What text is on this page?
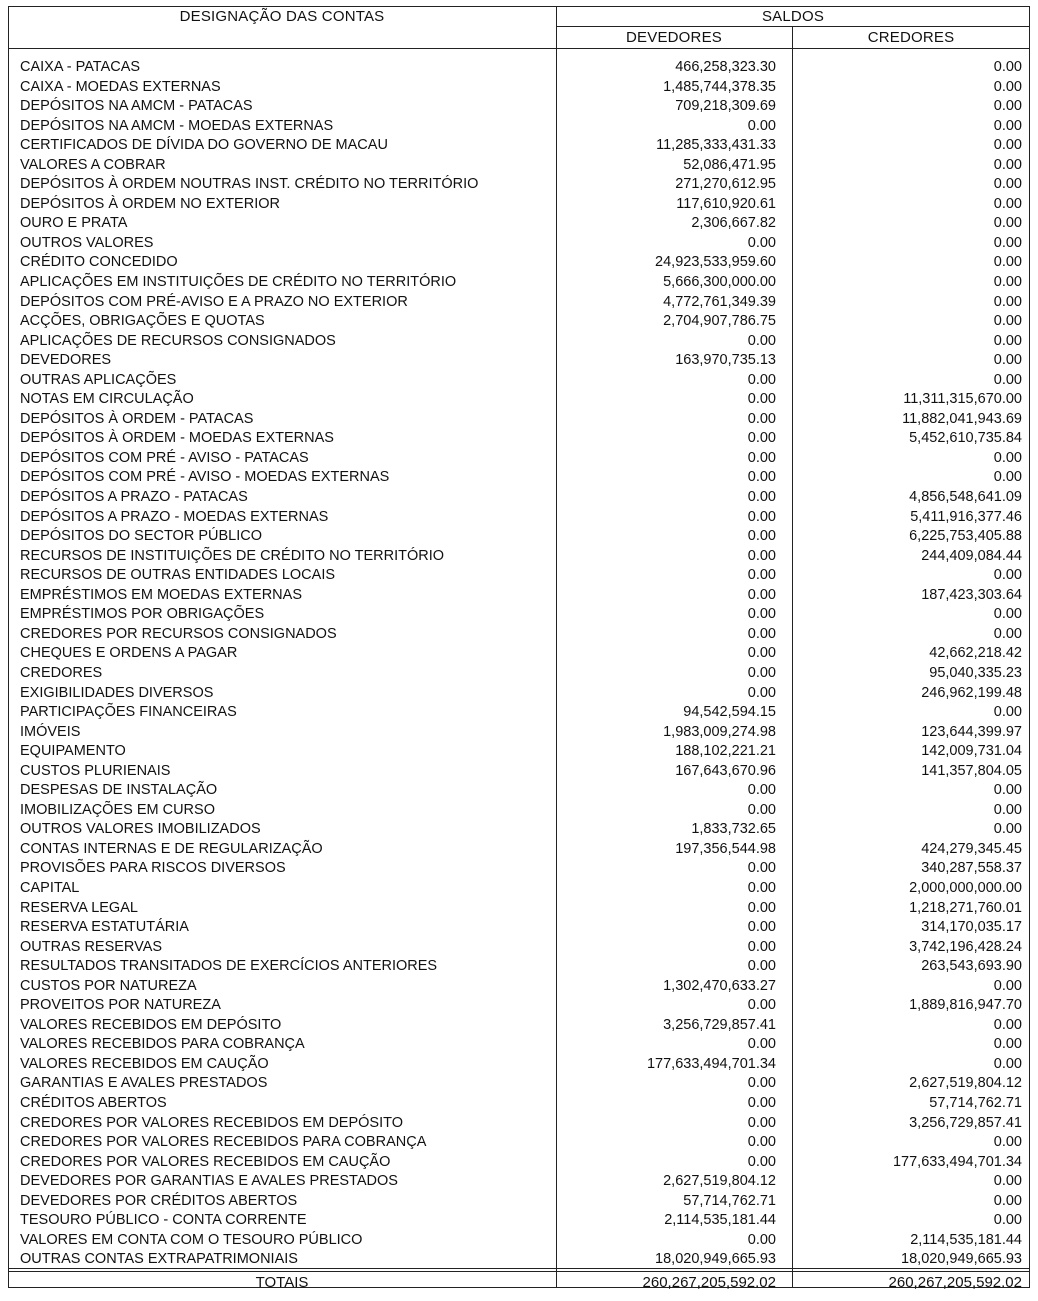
DESIGNAÇÃO DAS CONTAS	SALDOS
DEVEDORES	CREDORES
CAIXA - PATACAS	466,258,323.30	0.00
CAIXA - MOEDAS EXTERNAS	1,485,744,378.35	0.00
DEPÓSITOS NA AMCM - PATACAS	709,218,309.69	0.00
DEPÓSITOS NA AMCM - MOEDAS EXTERNAS	0.00	0.00
CERTIFICADOS DE DÍVIDA DO GOVERNO DE MACAU	11,285,333,431.33	0.00
VALORES A COBRAR	52,086,471.95	0.00
DEPÓSITOS À ORDEM NOUTRAS INST. CRÉDITO NO TERRITÓRIO	271,270,612.95	0.00
DEPÓSITOS À ORDEM NO EXTERIOR	117,610,920.61	0.00
OURO E PRATA	2,306,667.82	0.00
OUTROS VALORES	0.00	0.00
CRÉDITO CONCEDIDO	24,923,533,959.60	0.00
APLICAÇÕES EM INSTITUIÇÕES DE CRÉDITO NO TERRITÓRIO	5,666,300,000.00	0.00
DEPÓSITOS COM PRÉ-AVISO E A PRAZO NO EXTERIOR	4,772,761,349.39	0.00
ACÇÕES, OBRIGAÇÕES E QUOTAS	2,704,907,786.75	0.00
APLICAÇÕES DE RECURSOS CONSIGNADOS	0.00	0.00
DEVEDORES	163,970,735.13	0.00
OUTRAS APLICAÇÕES	0.00	0.00
NOTAS EM CIRCULAÇÃO	0.00	11,311,315,670.00
DEPÓSITOS À ORDEM - PATACAS	0.00	11,882,041,943.69
DEPÓSITOS À ORDEM - MOEDAS EXTERNAS	0.00	5,452,610,735.84
DEPÓSITOS COM PRÉ - AVISO - PATACAS	0.00	0.00
DEPÓSITOS COM PRÉ - AVISO - MOEDAS EXTERNAS	0.00	0.00
DEPÓSITOS A PRAZO - PATACAS	0.00	4,856,548,641.09
DEPÓSITOS A PRAZO - MOEDAS EXTERNAS	0.00	5,411,916,377.46
DEPÓSITOS DO SECTOR PÚBLICO	0.00	6,225,753,405.88
RECURSOS DE INSTITUIÇÕES DE CRÉDITO NO TERRITÓRIO	0.00	244,409,084.44
RECURSOS DE OUTRAS ENTIDADES LOCAIS	0.00	0.00
EMPRÉSTIMOS EM MOEDAS EXTERNAS	0.00	187,423,303.64
EMPRÉSTIMOS POR OBRIGAÇÕES	0.00	0.00
CREDORES POR RECURSOS CONSIGNADOS	0.00	0.00
CHEQUES E ORDENS A PAGAR	0.00	42,662,218.42
CREDORES	0.00	95,040,335.23
EXIGIBILIDADES DIVERSOS	0.00	246,962,199.48
PARTICIPAÇÕES FINANCEIRAS	94,542,594.15	0.00
IMÓVEIS	1,983,009,274.98	123,644,399.97
EQUIPAMENTO	188,102,221.21	142,009,731.04
CUSTOS PLURIENAIS	167,643,670.96	141,357,804.05
DESPESAS DE INSTALAÇÃO	0.00	0.00
IMOBILIZAÇÕES EM CURSO	0.00	0.00
OUTROS VALORES IMOBILIZADOS	1,833,732.65	0.00
CONTAS INTERNAS E DE REGULARIZAÇÃO	197,356,544.98	424,279,345.45
PROVISÕES PARA RISCOS DIVERSOS	0.00	340,287,558.37
CAPITAL	0.00	2,000,000,000.00
RESERVA LEGAL	0.00	1,218,271,760.01
RESERVA ESTATUTÁRIA	0.00	314,170,035.17
OUTRAS RESERVAS	0.00	3,742,196,428.24
RESULTADOS TRANSITADOS DE EXERCÍCIOS ANTERIORES	0.00	263,543,693.90
CUSTOS POR NATUREZA	1,302,470,633.27	0.00
PROVEITOS POR NATUREZA	0.00	1,889,816,947.70
VALORES RECEBIDOS EM DEPÓSITO	3,256,729,857.41	0.00
VALORES RECEBIDOS PARA COBRANÇA	0.00	0.00
VALORES RECEBIDOS EM CAUÇÃO	177,633,494,701.34	0.00
GARANTIAS E AVALES PRESTADOS	0.00	2,627,519,804.12
CRÉDITOS ABERTOS	0.00	57,714,762.71
CREDORES POR VALORES RECEBIDOS EM DEPÓSITO	0.00	3,256,729,857.41
CREDORES POR VALORES RECEBIDOS PARA COBRANÇA	0.00	0.00
CREDORES POR VALORES RECEBIDOS EM CAUÇÃO	0.00	177,633,494,701.34
DEVEDORES POR GARANTIAS E AVALES PRESTADOS	2,627,519,804.12	0.00
DEVEDORES POR CRÉDITOS ABERTOS	57,714,762.71	0.00
TESOURO PÚBLICO - CONTA CORRENTE	2,114,535,181.44	0.00
VALORES EM CONTA COM O TESOURO PÚBLICO	0.00	2,114,535,181.44
OUTRAS CONTAS EXTRAPATRIMONIAIS	18,020,949,665.93	18,020,949,665.93
TOTAIS	260,267,205,592.02	260,267,205,592.02
